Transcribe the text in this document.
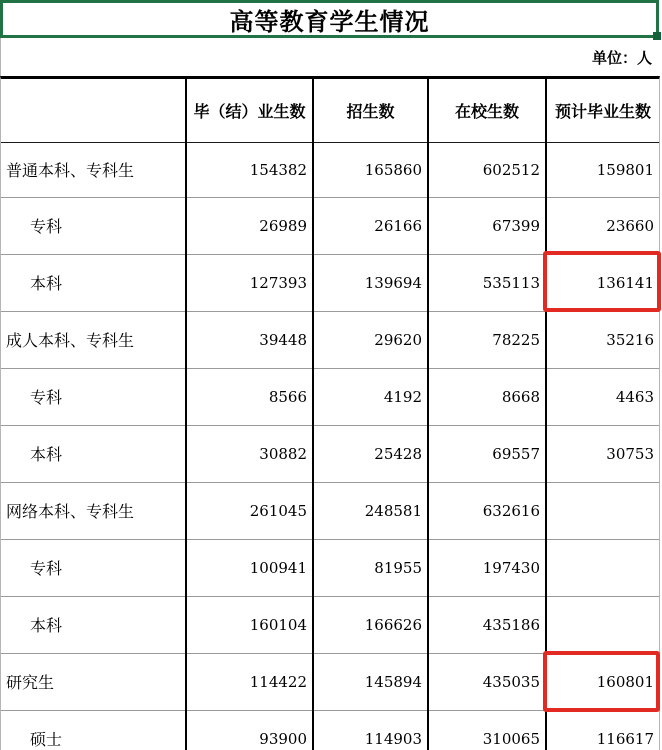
高等教育学生情况
单位：人
	毕（结）业生数	招生数	在校生数	预计毕业生数
普通本科、专科生	154382	165860	602512	159801
专科	26989	26166	67399	23660
本科	127393	139694	535113	136141
成人本科、专科生	39448	29620	78225	35216
专科	8566	4192	8668	4463
本科	30882	25428	69557	30753
网络本科、专科生	261045	248581	632616	
专科	100941	81955	197430	
本科	160104	166626	435186	
研究生	114422	145894	435035	160801
硕士	93900	114903	310065	116617
